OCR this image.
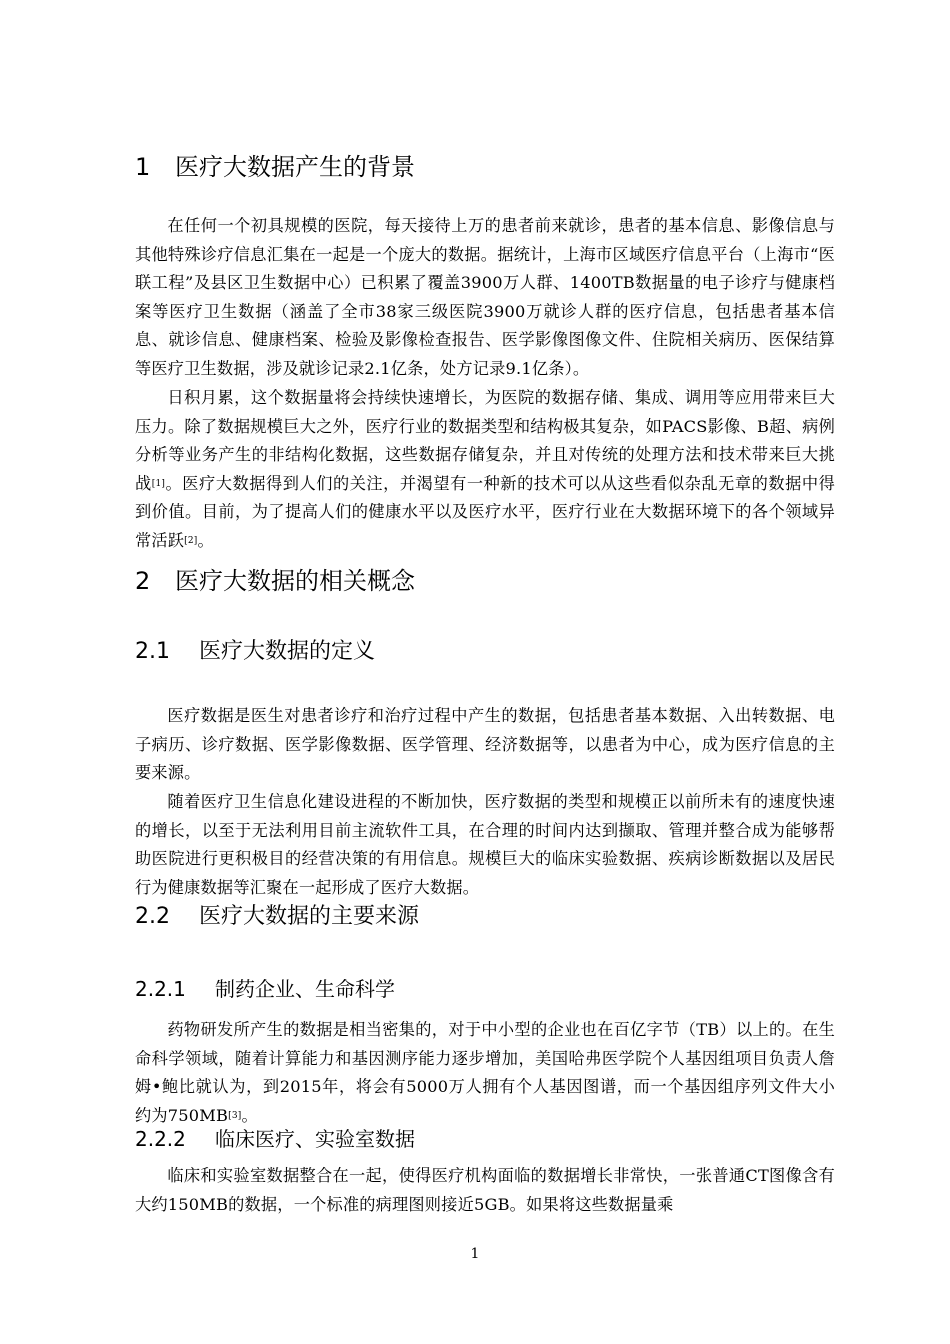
1 医疗大数据产生的背景

在任何一个初具规模的医院，每天接待上万的患者前来就诊，患者的基本信息、影像信息与其他特殊诊疗信息汇集在一起是一个庞大的数据。据统计，上海市区域医疗信息平台（上海市“医联工程”及县区卫生数据中心）已积累了覆盖3900万人群、1400TB数据量的电子诊疗与健康档案等医疗卫生数据（涵盖了全市38家三级医院3900万就诊人群的医疗信息，包括患者基本信息、就诊信息、健康档案、检验及影像检查报告、医学影像图像文件、住院相关病历、医保结算等医疗卫生数据，涉及就诊记录2.1亿条，处方记录9.1亿条）。

日积月累，这个数据量将会持续快速增长，为医院的数据存储、集成、调用等应用带来巨大压力。除了数据规模巨大之外，医疗行业的数据类型和结构极其复杂，如PACS影像、B超、病例分析等业务产生的非结构化数据，这些数据存储复杂，并且对传统的处理方法和技术带来巨大挑战[1]。医疗大数据得到人们的关注，并渴望有一种新的技术可以从这些看似杂乱无章的数据中得到价值。目前，为了提高人们的健康水平以及医疗水平，医疗行业在大数据环境下的各个领域异常活跃[2]。

2 医疗大数据的相关概念
2.1 医疗大数据的定义

医疗数据是医生对患者诊疗和治疗过程中产生的数据，包括患者基本数据、入出转数据、电子病历、诊疗数据、医学影像数据、医学管理、经济数据等，以患者为中心，成为医疗信息的主要来源。

随着医疗卫生信息化建设进程的不断加快，医疗数据的类型和规模正以前所未有的速度快速的增长，以至于无法利用目前主流软件工具，在合理的时间内达到撷取、管理并整合成为能够帮助医院进行更积极目的经营决策的有用信息。规模巨大的临床实验数据、疾病诊断数据以及居民行为健康数据等汇聚在一起形成了医疗大数据。

2.2 医疗大数据的主要来源
2.2.1 制药企业、生命科学

药物研发所产生的数据是相当密集的，对于中小型的企业也在百亿字节（TB）以上的。在生命科学领域，随着计算能力和基因测序能力逐步增加，美国哈弗医学院个人基因组项目负责人詹姆•鲍比就认为，到2015年，将会有5000万人拥有个人基因图谱，而一个基因组序列文件大小约为750MB[3]。

2.2.2 临床医疗、实验室数据

临床和实验室数据整合在一起，使得医疗机构面临的数据增长非常快，一张普通CT图像含有大约150MB的数据，一个标准的病理图则接近5GB。如果将这些数据量乘

1
